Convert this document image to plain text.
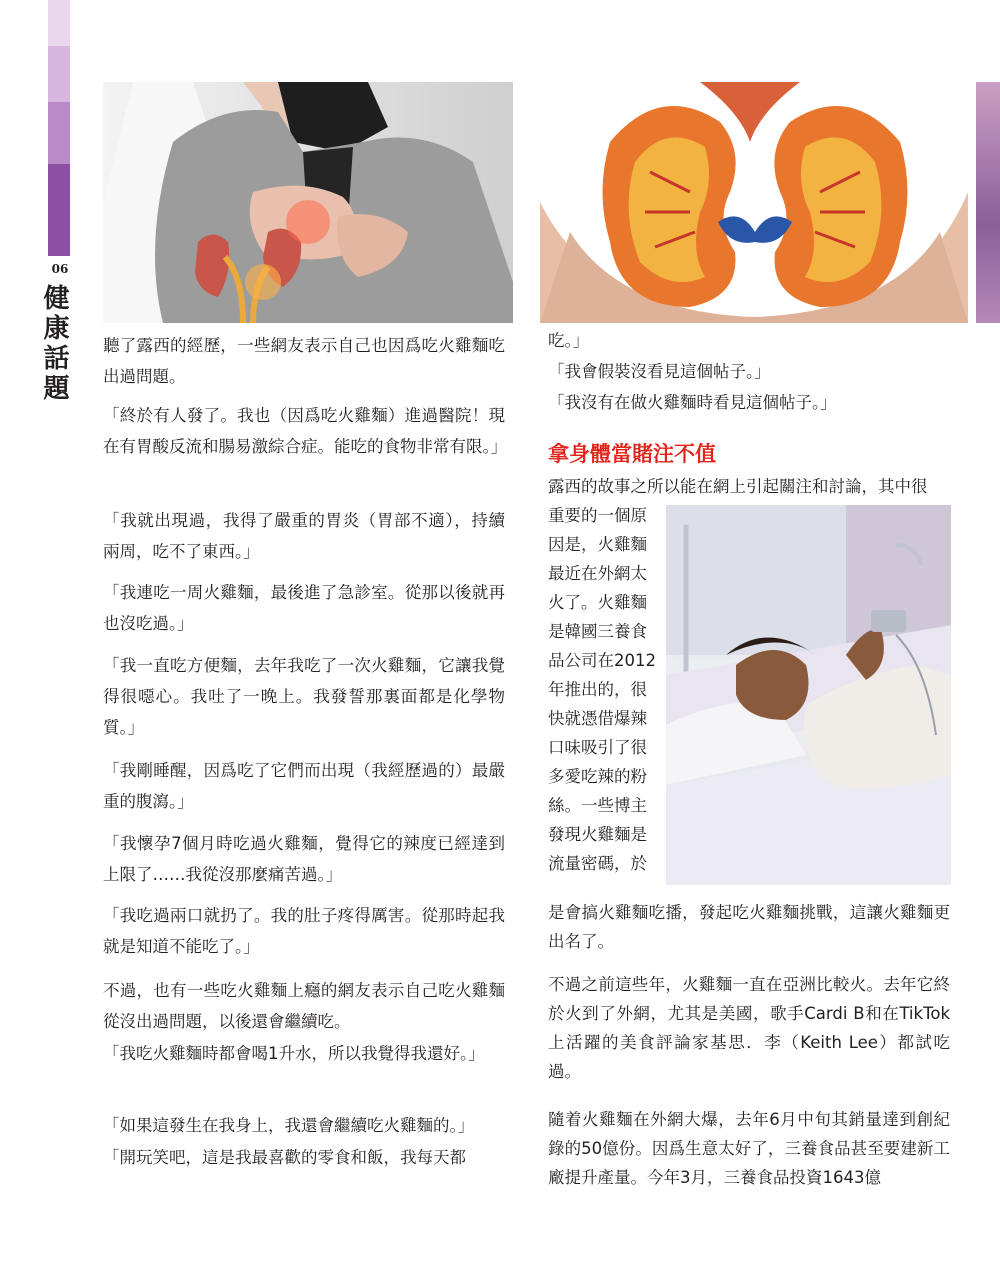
06
健康話題 聽了露西的經歷，一些網友表示自己也因爲吃火雞麵吃出過問題。

「終於有人發了。我也（因爲吃火雞麵）進過醫院！現在有胃酸反流和腸易激綜合症。能吃的食物非常有限。」

「我就出現過，我得了嚴重的胃炎（胃部不適），持續兩周，吃不了東西。」

「我連吃一周火雞麵，最後進了急診室。從那以後就再也沒吃過。」

「我一直吃方便麵，去年我吃了一次火雞麵，它讓我覺得很噁心。我吐了一晚上。我發誓那裏面都是化學物質。」

「我剛睡醒，因爲吃了它們而出現（我經歷過的）最嚴重的腹瀉。」

「我懷孕7個月時吃過火雞麵，覺得它的辣度已經達到上限了……我從沒那麼痛苦過。」

「我吃過兩口就扔了。我的肚子疼得厲害。從那時起我就是知道不能吃了。」

不過，也有一些吃火雞麵上癮的網友表示自己吃火雞麵從沒出過問題，以後還會繼續吃。

「我吃火雞麵時都會喝1升水，所以我覺得我還好。」

「如果這發生在我身上，我還會繼續吃火雞麵的。」

「開玩笑吧，這是我最喜歡的零食和飯，我每天都

吃。」

「我會假裝沒看見這個帖子。」

「我沒有在做火雞麵時看見這個帖子。」

拿身體當賭注不值
露西的故事之所以能在網上引起關注和討論，其中很
重要的一個原
因是，火雞麵
最近在外網太
火了。火雞麵
是韓國三養食
品公司在2012
年推出的，很
快就憑借爆辣
口味吸引了很
多愛吃辣的粉
絲。一些博主
發現火雞麵是
流量密碼，於

是會搞火雞麵吃播，發起吃火雞麵挑戰，這讓火雞麵更出名了。

不過之前這些年，火雞麵一直在亞洲比較火。去年它終於火到了外網，尤其是美國，歌手Cardi B和在TikTok上活躍的美食評論家基思．李（Keith Lee）都試吃過。

隨着火雞麵在外網大爆，去年6月中旬其銷量達到創紀錄的50億份。因爲生意太好了，三養食品甚至要建新工廠提升產量。今年3月，三養食品投資1643億
